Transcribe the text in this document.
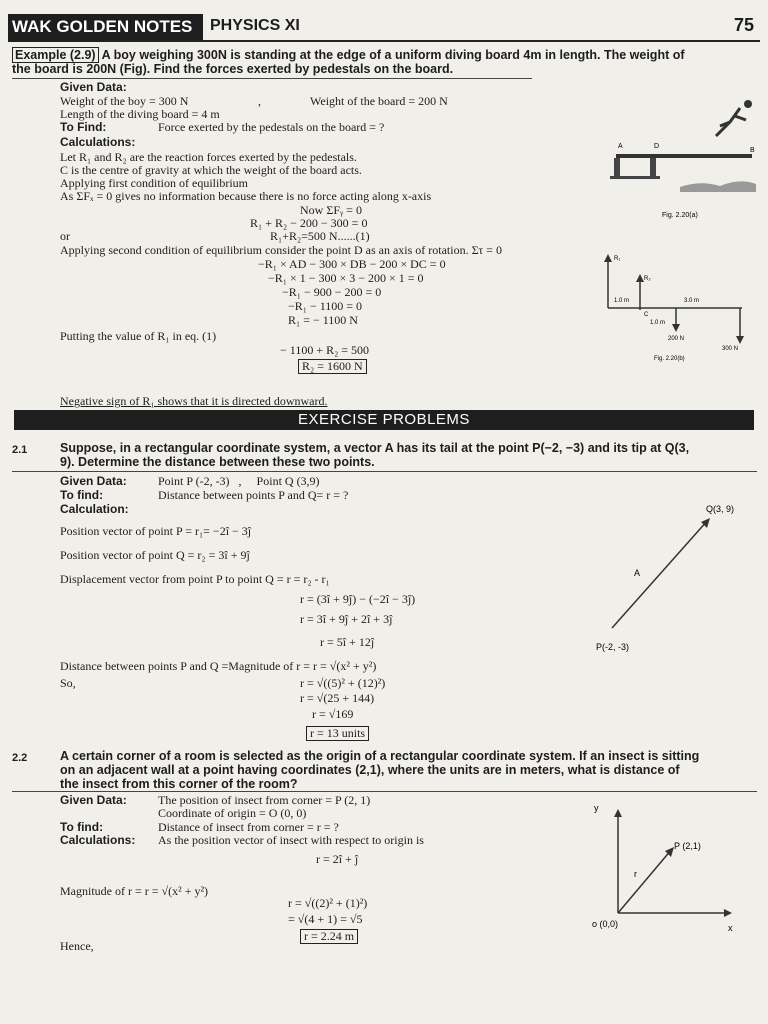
WAK GOLDEN NOTES	PHYSICS XI	75
Example (2.9) A boy weighing 300N is standing at the edge of a uniform diving board 4m in length. The weight of
the board is 200N (Fig). Find the forces exerted by pedestals on the board.
Given Data:
Weight of the boy = 300 N	,	Weight of the board = 200 N
Length of the diving board = 4 m
To Find:	Force exerted by the pedestals on the board = ?
Calculations:
Let R₁ and R₂ are the reaction forces exerted by the pedestals.
C is the centre of gravity at which the weight of the board acts.
Applying first condition of equilibrium
As ΣFₓ = 0 gives no information because there is no force acting along x-axis
Now ΣFᵧ = 0
R₁ + R₂ − 200 − 300 = 0
or	R₁+R₂=500 N......(1)
Applying second condition of equilibrium consider the point D as an axis of rotation. Στ = 0
−R₁ × AD − 300 × DB − 200 × DC = 0
−R₁ × 1 − 300 × 3 − 200 × 1 = 0
−R₁ − 900 − 200 = 0
−R₁ − 1100 = 0
R₁ = − 1100 N
Putting the value of R₁ in eq. (1)
− 1100 + R₂ = 500
R₂ = 1600 N
Negative sign of R₁ shows that it is directed downward.
A	D
B
Fig. 2.20(a)
R₁
R₂
1.0 m	3.0 m
C
1.0 m
200 N
300 N
Fig. 2.20(b)
EXERCISE PROBLEMS
2.1	Suppose, in a rectangular coordinate system, a vector A has its tail at the point P(−2, −3) and its tip at Q(3,
9). Determine the distance between these two points.
Given Data:	Point P (-2, -3)   ,     Point Q (3,9)
To find:	Distance between points P and Q= r = ?
Calculation:
Position vector of point P = r₁= −2î − 3ĵ
Position vector of point Q = r₂ = 3î + 9ĵ
Displacement vector from point P to point Q = r = r₂ - r₁
r = (3î + 9ĵ) − (−2î − 3ĵ)
r = 3î + 9ĵ + 2î + 3ĵ
r = 5î + 12ĵ
Distance between points P and Q =Magnitude of r = r = √(x² + y²)
So,	r = √((5)² + (12)²)
r = √(25 + 144)
r = √169
r = 13 units
Q(3, 9)
A
P(-2, -3)
2.2	A certain corner of a room is selected as the origin of a rectangular coordinate system. If an insect is sitting
on an adjacent wall at a point having coordinates (2,1), where the units are in meters, what is distance of
the insect from this corner of the room?
Given Data:	The position of insect from corner = P (2, 1)
Coordinate of origin = O (0, 0)
To find:	Distance of insect from corner = r = ?
Calculations: As the position vector of insect with respect to origin is
r = 2î + ĵ
Magnitude of r = r = √(x² + y²)
r = √((2)² + (1)²)
= √(4 + 1) = √5
r = 2.24 m
Hence,
y
P (2,1)
r
o (0,0)	x
